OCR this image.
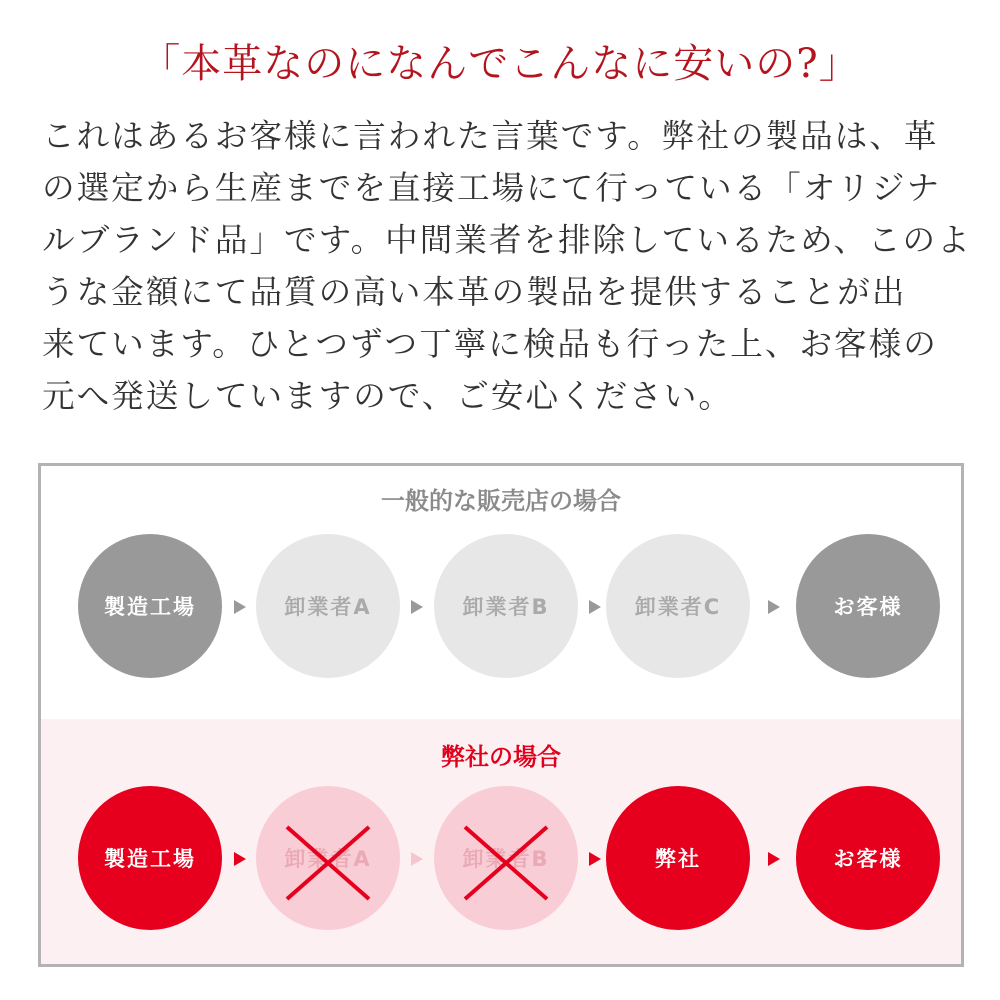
「本革なのになんでこんなに安いの?」
これはあるお客様に言われた言葉です。弊社の製品は、革
の選定から生産までを直接工場にて行っている「オリジナ
ルブランド品」です。中間業者を排除しているため、このよ
うな金額にて品質の高い本革の製品を提供することが出
来ています。ひとつずつ丁寧に検品も行った上、お客様の
元へ発送していますので、ご安心ください。
一般的な販売店の場合
製造工場	卸業者A	卸業者B	卸業者C	お客様
弊社の場合
製造工場	卸業者A	卸業者B	弊社	お客様
